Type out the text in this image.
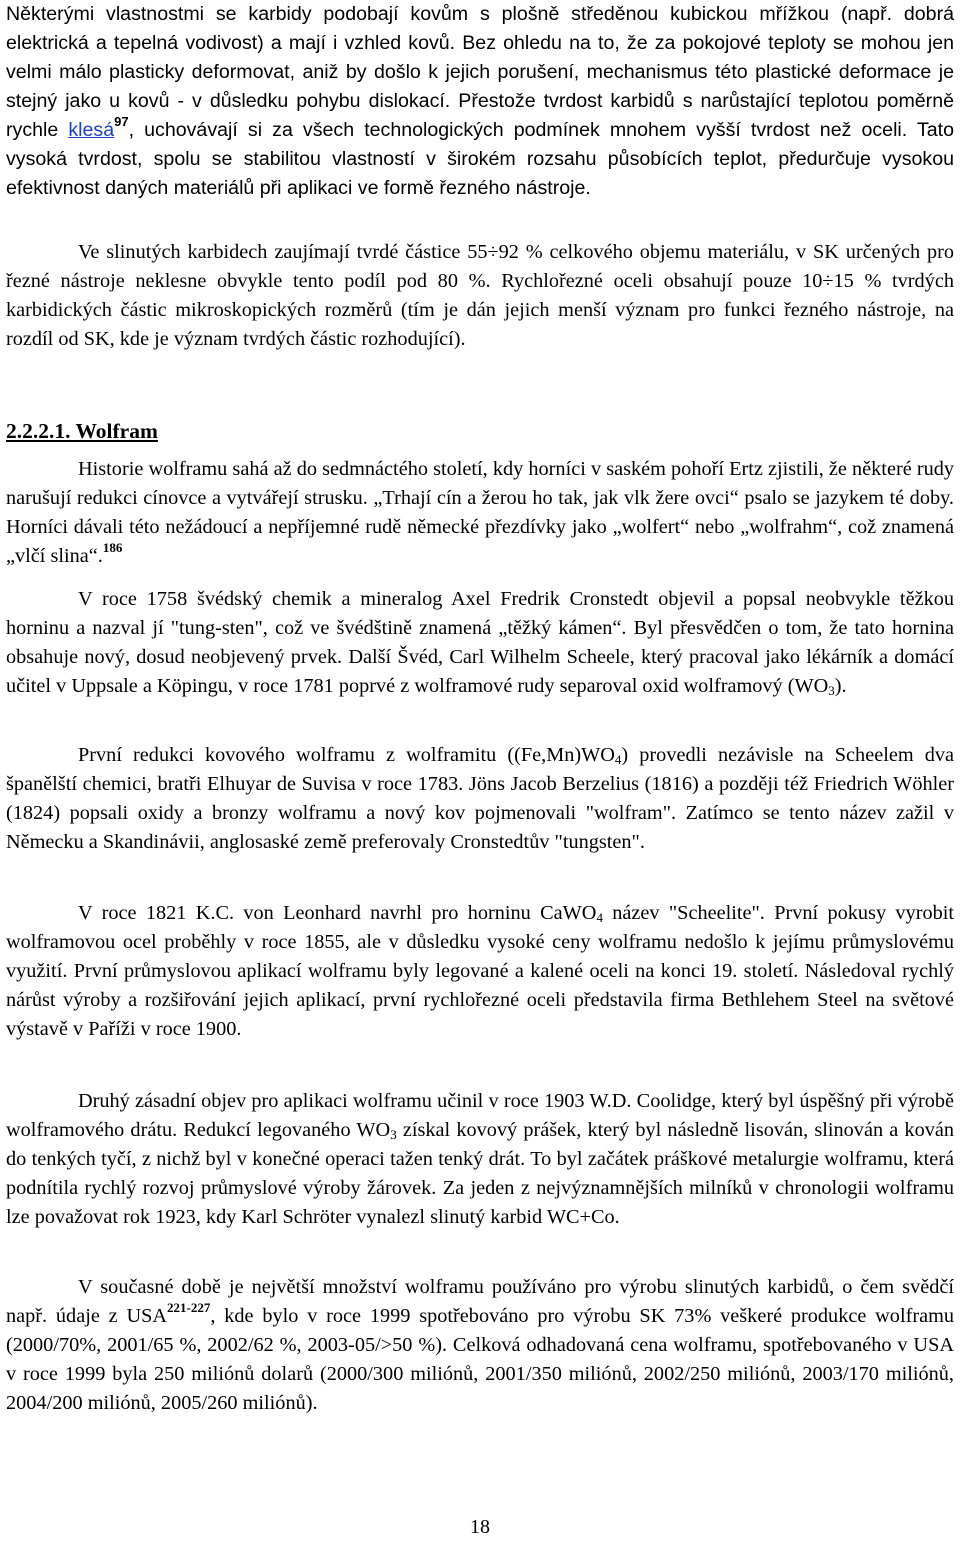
Některými vlastnostmi se karbidy podobají kovům s plošně středěnou kubickou mřížkou (např. dobrá elektrická a tepelná vodivost) a mají i vzhled kovů. Bez ohledu na to, že za pokojové teploty se mohou jen velmi málo plasticky deformovat, aniž by došlo k jejich porušení, mechanismus této plastické deformace je stejný jako u kovů - v důsledku pohybu dislokací. Přestože tvrdost karbidů s narůstající teplotou poměrně rychle klesá$^{97}$, uchovávají si za všech technologických podmínek mnohem vyšší tvrdost než oceli. Tato vysoká tvrdost, spolu se stabilitou vlastností v širokém rozsahu působících teplot, předurčuje vysokou efektivnost daných materiálů při aplikaci ve formě řezného nástroje.

Ve slinutých karbidech zaujímají tvrdé částice 55÷92 % celkového objemu materiálu, v SK určených pro řezné nástroje neklesne obvykle tento podíl pod 80 %. Rychlořezné oceli obsahují pouze 10÷15 % tvrdých karbidických částic mikroskopických rozměrů (tím je dán jejich menší význam pro funkci řezného nástroje, na rozdíl od SK, kde je význam tvrdých částic rozhodující).

2.2.2.1. Wolfram

Historie wolframu sahá až do sedmnáctého století, kdy horníci v saském pohoří Ertz zjistili, že některé rudy narušují redukci cínovce a vytvářejí strusku. „Trhají cín a žerou ho tak, jak vlk žere ovci“ psalo se jazykem té doby. Horníci dávali této nežádoucí a nepříjemné rudě německé přezdívky jako „wolfert“ nebo „wolfrahm“, což znamená „vlčí slina“.$^{186}$

V roce 1758 švédský chemik a mineralog Axel Fredrik Cronstedt objevil a popsal neobvykle těžkou horninu a nazval jí "tung-sten", což ve švédštině znamená „těžký kámen“. Byl přesvědčen o tom, že tato hornina obsahuje nový, dosud neobjevený prvek. Další Švéd, Carl Wilhelm Scheele, který pracoval jako lékárník a domácí učitel v Uppsale a Köpingu, v roce 1781 poprvé z wolframové rudy separoval oxid wolframový $(WO_3)$.

První redukci kovového wolframu z wolframitu $((Fe,Mn)WO_4)$ provedli nezávisle na Scheelem dva španělští chemici, bratři Elhuyar de Suvisa v roce 1783. Jöns Jacob Berzelius (1816) a později též Friedrich Wöhler (1824) popsali oxidy a bronzy wolframu a nový kov pojmenovali "wolfram". Zatímco se tento název zažil v Německu a Skandinávii, anglosaské země preferovaly Cronstedtův "tungsten".

V roce 1821 K.C. von Leonhard navrhl pro horninu CaWO$_4$ název "Scheelite". První pokusy vyrobit wolframovou ocel proběhly v roce 1855, ale v důsledku vysoké ceny wolframu nedošlo k jejímu průmyslovému využití. První průmyslovou aplikací wolframu byly legované a kalené oceli na konci 19. století. Následoval rychlý nárůst výroby a rozšiřování jejich aplikací, první rychlořezné oceli představila firma Bethlehem Steel na světové výstavě v Paříži v roce 1900.

Druhý zásadní objev pro aplikaci wolframu učinil v roce 1903 W.D. Coolidge, který byl úspěšný při výrobě wolframového drátu. Redukcí legovaného $WO_3$ získal kovový prášek, který byl následně lisován, slinován a kován do tenkých tyčí, z nichž byl v konečné operaci tažen tenký drát. To byl začátek práškové metalurgie wolframu, která podnítila rychlý rozvoj průmyslové výroby žárovek. Za jeden z nejvýznamnějších milníků v chronologii wolframu lze považovat rok 1923, kdy Karl Schröter vynalezl slinutý karbid WC+Co.

V současné době je největší množství wolframu používáno pro výrobu slinutých karbidů, o čem svědčí např. údaje z USA$^{221-227}$, kde bylo v roce 1999 spotřebováno pro výrobu SK 73% veškeré produkce wolframu (2000/70%, 2001/65 %, 2002/62 %, 2003-05/>50 %). Celková odhadovaná cena wolframu, spotřebovaného v USA v roce 1999 byla 250 miliónů dolarů (2000/300 miliónů, 2001/350 miliónů, 2002/250 miliónů, 2003/170 miliónů, 2004/200 miliónů, 2005/260 miliónů).

18
